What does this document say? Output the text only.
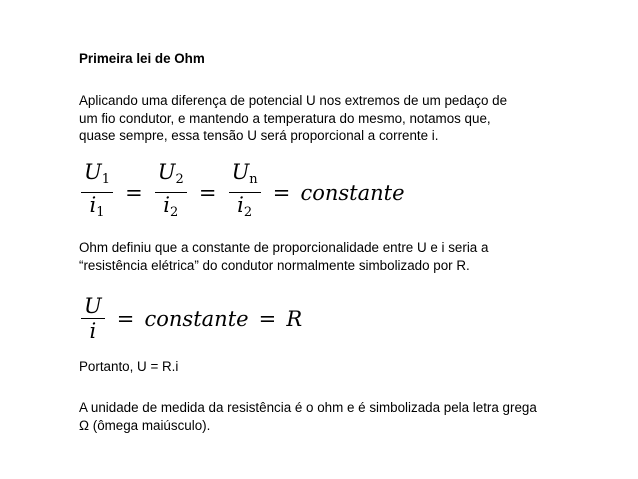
Primeira lei de Ohm
Aplicando uma diferença de potencial U nos extremos de um pedaço de
um fio condutor, e mantendo a temperatura do mesmo, notamos que,
quase sempre, essa tensão U será proporcional a corrente i.
$\frac{U_1}{i_1} = \frac{U_2}{i_2} = \frac{U_n}{i_2}$ = constante
Ohm definiu que a constante de proporcionalidade entre U e i seria a
“resistência elétrica” do condutor normalmente simbolizado por R.
$\frac{U}{i}$ = constante = R
Portanto, U = R.i
A unidade de medida da resistência é o ohm e é simbolizada pela letra grega
Ω (ômega maiúsculo).
